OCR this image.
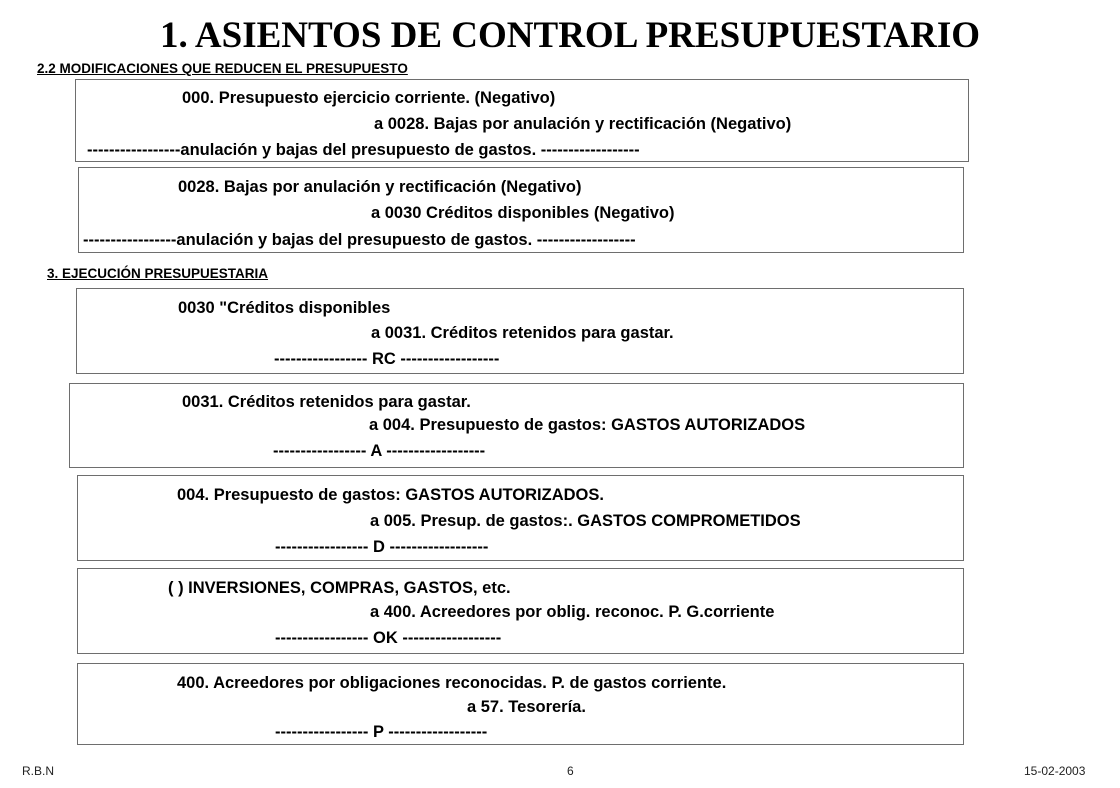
1. ASIENTOS DE CONTROL PRESUPUESTARIO
2.2 MODIFICACIONES QUE REDUCEN EL PRESUPUESTO
000. Presupuesto ejercicio corriente. (Negativo)
a 0028. Bajas por anulación y rectificación (Negativo)
-----------------anulación y bajas del presupuesto de gastos. ------------------
0028. Bajas por anulación y rectificación (Negativo)
a 0030 Créditos disponibles (Negativo)
-----------------anulación y bajas del presupuesto de gastos. ------------------
3. EJECUCIÓN PRESUPUESTARIA
0030 "Créditos disponibles
a 0031. Créditos retenidos para gastar.
----------------- RC ------------------
0031. Créditos retenidos para gastar.
a 004. Presupuesto de gastos: GASTOS AUTORIZADOS
----------------- A ------------------
004. Presupuesto de gastos: GASTOS AUTORIZADOS.
a 005. Presup. de gastos:. GASTOS COMPROMETIDOS
----------------- D ------------------
( ) INVERSIONES, COMPRAS, GASTOS, etc.
a 400. Acreedores por oblig. reconoc. P. G.corriente
----------------- OK ------------------
400. Acreedores por obligaciones reconocidas. P. de gastos corriente.
a 57. Tesorería.
----------------- P ------------------
R.B.N	6	15-02-2003
